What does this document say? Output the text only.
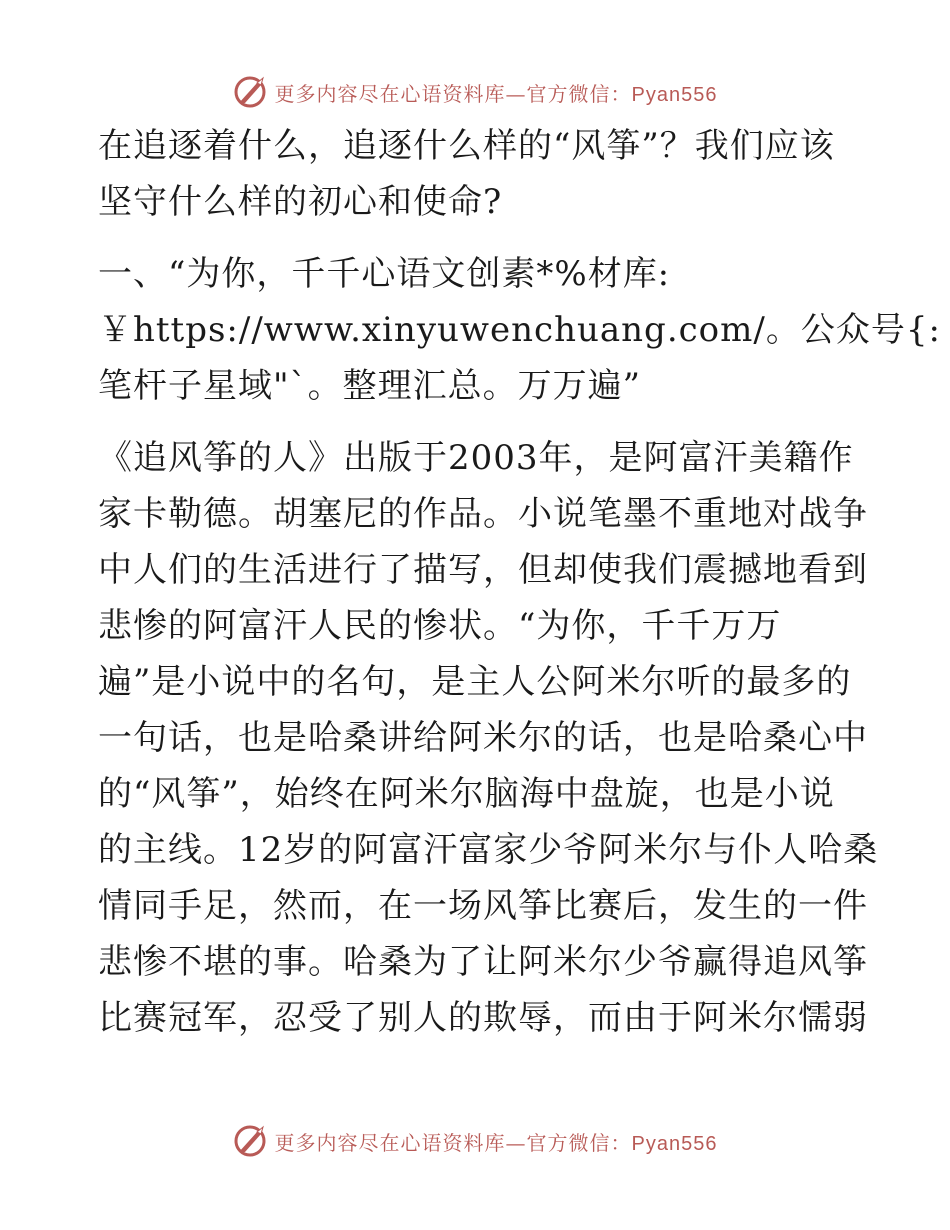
更多内容尽在心语资料库—官方微信：Pyan556
在追逐着什么，追逐什么样的“风筝”？我们应该
坚守什么样的初心和使命?
一、“为你，千千心语文创素*%材库:
￥https://www.xinyuwenchuang.com/。公众号{:
笔杆子星域"`。整理汇总。万万遍”
《追风筝的人》出版于2003年，是阿富汗美籍作
家卡勒德。胡塞尼的作品。小说笔墨不重地对战争
中人们的生活进行了描写，但却使我们震撼地看到
悲惨的阿富汗人民的惨状。“为你，千千万万
遍”是小说中的名句，是主人公阿米尔听的最多的
一句话，也是哈桑讲给阿米尔的话，也是哈桑心中
的“风筝”，始终在阿米尔脑海中盘旋，也是小说
的主线。12岁的阿富汗富家少爷阿米尔与仆人哈桑
情同手足，然而，在一场风筝比赛后，发生的一件
悲惨不堪的事。哈桑为了让阿米尔少爷赢得追风筝
比赛冠军，忍受了别人的欺辱，而由于阿米尔懦弱
更多内容尽在心语资料库—官方微信：Pyan556
